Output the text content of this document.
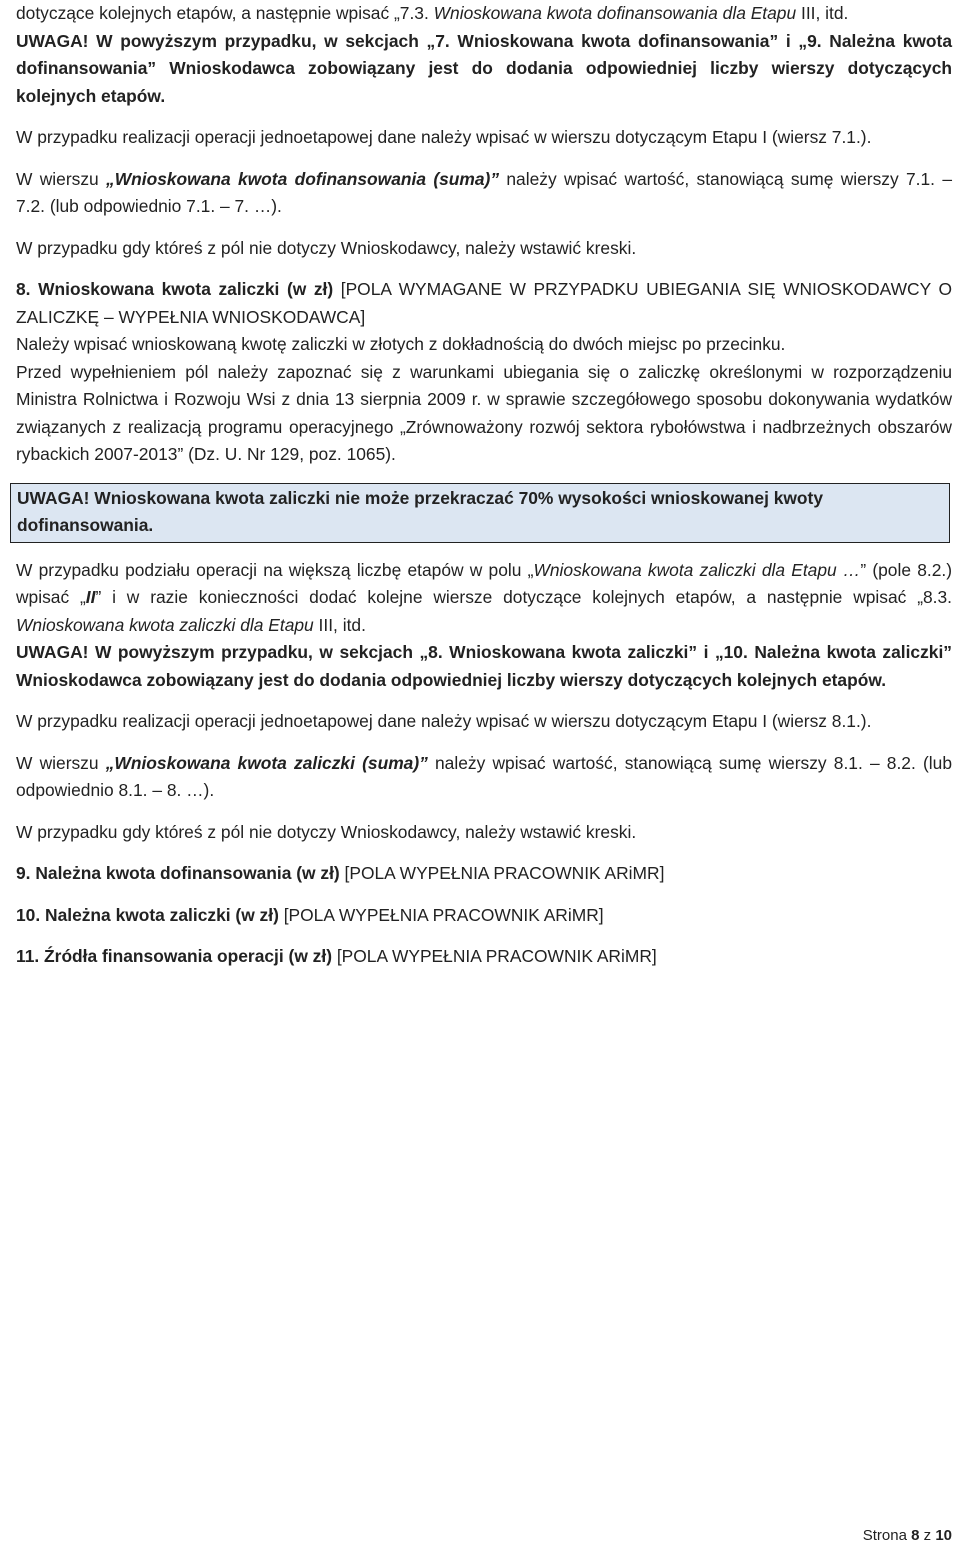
dotyczące kolejnych etapów, a następnie wpisać „7.3. Wnioskowana kwota dofinansowania dla Etapu III, itd.

UWAGA! W powyższym przypadku, w sekcjach „7. Wnioskowana kwota dofinansowania” i „9. Należna kwota dofinansowania” Wnioskodawca zobowiązany jest do dodania odpowiedniej liczby wierszy dotyczących kolejnych etapów.

W przypadku realizacji operacji jednoetapowej dane należy wpisać w wierszu dotyczącym Etapu I (wiersz 7.1.).

W wierszu „Wnioskowana kwota dofinansowania (suma)” należy wpisać wartość, stanowiącą sumę wierszy 7.1. – 7.2. (lub odpowiednio 7.1. – 7. …).

W przypadku gdy któreś z pól nie dotyczy Wnioskodawcy, należy wstawić kreski.

8. Wnioskowana kwota zaliczki (w zł) [POLA WYMAGANE W PRZYPADKU UBIEGANIA SIĘ WNIOSKODAWCY O ZALICZKĘ – WYPEŁNIA WNIOSKODAWCA]

Należy wpisać wnioskowaną kwotę zaliczki w złotych z dokładnością do dwóch miejsc po przecinku.

Przed wypełnieniem pól należy zapoznać się z warunkami ubiegania się o zaliczkę określonymi w rozporządzeniu Ministra Rolnictwa i Rozwoju Wsi z dnia 13 sierpnia 2009 r. w sprawie szczegółowego sposobu dokonywania wydatków związanych z realizacją programu operacyjnego „Zrównoważony rozwój sektora rybołówstwa i nadbrzeżnych obszarów rybackich 2007-2013” (Dz. U. Nr 129, poz. 1065).

UWAGA! Wnioskowana kwota zaliczki nie może przekraczać 70% wysokości wnioskowanej kwoty dofinansowania.

W przypadku podziału operacji na większą liczbę etapów w polu „Wnioskowana kwota zaliczki dla Etapu …” (pole 8.2.) wpisać „II” i w razie konieczności dodać kolejne wiersze dotyczące kolejnych etapów, a następnie wpisać „8.3. Wnioskowana kwota zaliczki dla Etapu III, itd.

UWAGA! W powyższym przypadku, w sekcjach „8. Wnioskowana kwota zaliczki” i „10. Należna kwota zaliczki” Wnioskodawca zobowiązany jest do dodania odpowiedniej liczby wierszy dotyczących kolejnych etapów.

W przypadku realizacji operacji jednoetapowej dane należy wpisać w wierszu dotyczącym Etapu I (wiersz 8.1.).

W wierszu „Wnioskowana kwota zaliczki (suma)” należy wpisać wartość, stanowiącą sumę wierszy 8.1. – 8.2. (lub odpowiednio 8.1. – 8. …).

W przypadku gdy któreś z pól nie dotyczy Wnioskodawcy, należy wstawić kreski.

9. Należna kwota dofinansowania (w zł) [POLA WYPEŁNIA PRACOWNIK ARiMR]

10. Należna kwota zaliczki (w zł) [POLA WYPEŁNIA PRACOWNIK ARiMR]

11. Źródła finansowania operacji (w zł) [POLA WYPEŁNIA PRACOWNIK ARiMR]

Strona 8 z 10
